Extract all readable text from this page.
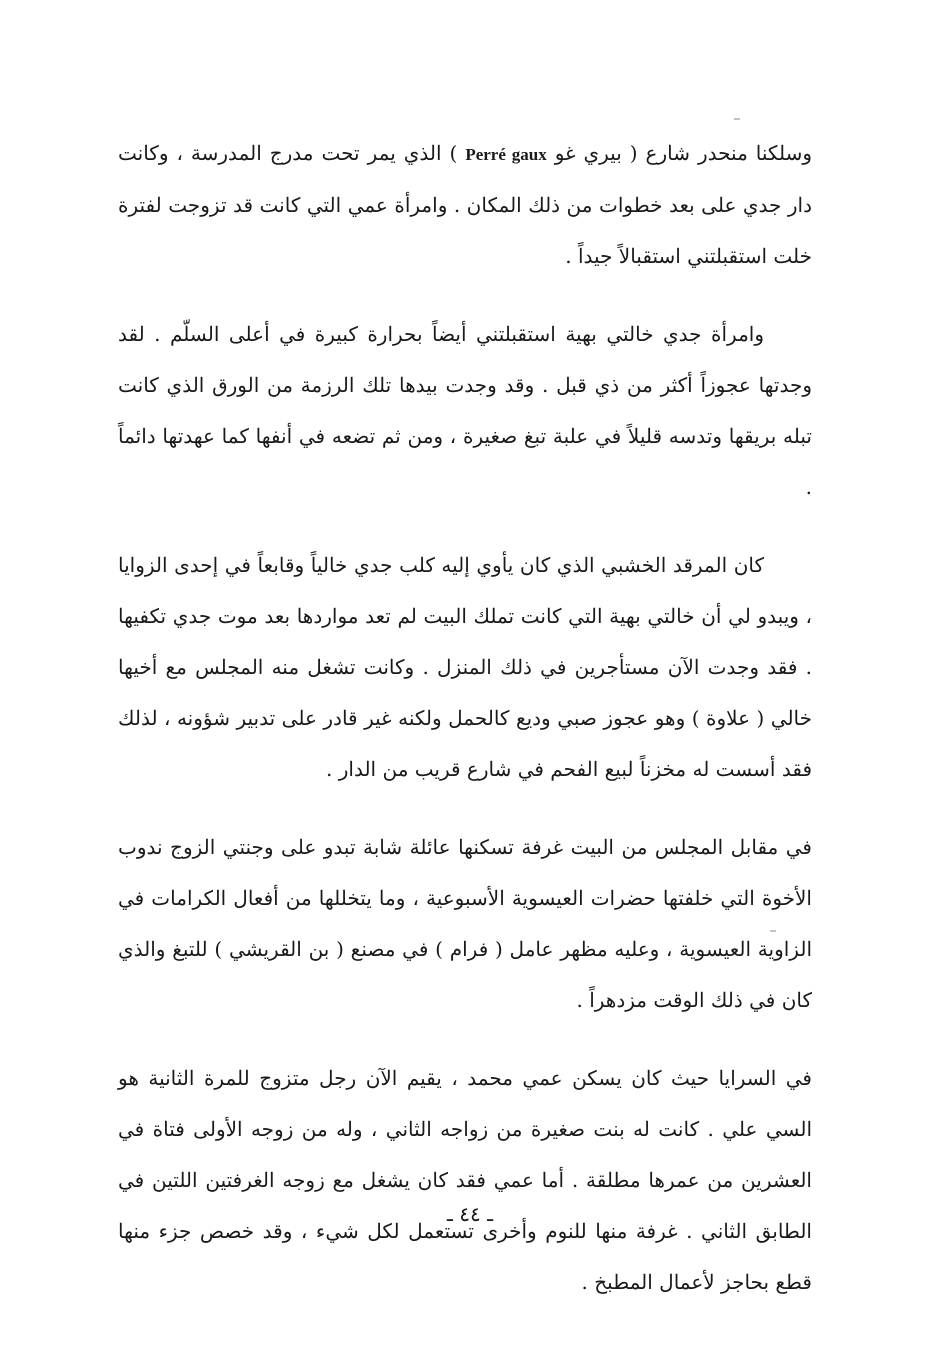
وسلكنا منحدر شارع ( بيري غو Perré gaux ) الذي يمر تحت مدرج المدرسة ، وكانت دار جدي على بعد خطوات من ذلك المكان . وامرأة عمي التي كانت قد تزوجت لفترة خلت استقبلتني استقبالاً جيداً .

وامرأة جدي خالتي بهية استقبلتني أيضاً بحرارة كبيرة في أعلى السلّم . لقد وجدتها عجوزاً أكثر من ذي قبل . وقد وجدت بيدها تلك الرزمة من الورق الذي كانت تبله بريقها وتدسه قليلاً في علبة تبغ صغيرة ، ومن ثم تضعه في أنفها كما عهدتها دائماً .

كان المرقد الخشبي الذي كان يأوي إليه كلب جدي خالياً وقابعاً في إحدى الزوايا ، ويبدو لي أن خالتي بهية التي كانت تملك البيت لم تعد مواردها بعد موت جدي تكفيها . فقد وجدت الآن مستأجرين في ذلك المنزل . وكانت تشغل منه المجلس مع أخيها خالي ( علاوة ) وهو عجوز صبي وديع كالحمل ولكنه غير قادر على تدبير شؤونه ، لذلك فقد أسست له مخزناً لبيع الفحم في شارع قريب من الدار .

في مقابل المجلس من البيت غرفة تسكنها عائلة شابة تبدو على وجنتي الزوج ندوب الأخوة التي خلفتها حضرات العيسوية الأسبوعية ، وما يتخللها من أفعال الكرامات في الزاوية العيسوية ، وعليه مظهر عامل ( فرام ) في مصنع ( بن القريشي ) للتبغ والذي كان في ذلك الوقت مزدهراً .

في السرايا حيث كان يسكن عمي محمد ، يقيم الآن رجل متزوج للمرة الثانية هو السي علي . كانت له بنت صغيرة من زواجه الثاني ، وله من زوجه الأولى فتاة في العشرين من عمرها مطلقة . أما عمي فقد كان يشغل مع زوجه الغرفتين اللتين في الطابق الثاني . غرفة منها للنوم وأخرى تستعمل لكل شيء ، وقد خصص جزء منها قطع بحاجز لأعمال المطبخ .

ـ ٤٤ ـ
